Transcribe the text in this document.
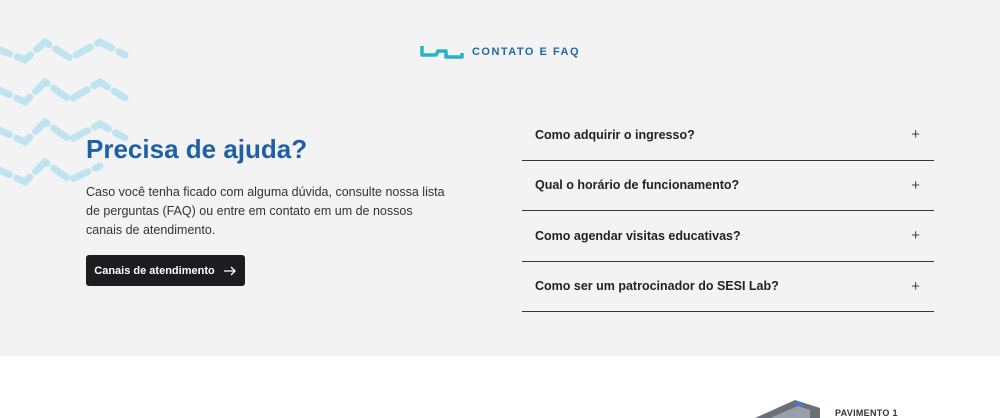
CONTATO E FAQ
Precisa de ajuda?

Caso você tenha ficado com alguma dúvida, consulte nossa lista de perguntas (FAQ) ou entre em contato em um de nossos canais de atendimento.

Canais de atendimento
Como adquirir o ingresso?	+
Qual o horário de funcionamento?	+
Como agendar visitas educativas?	+
Como ser um patrocinador do SESI Lab?	+
PAVIMENTO 1
